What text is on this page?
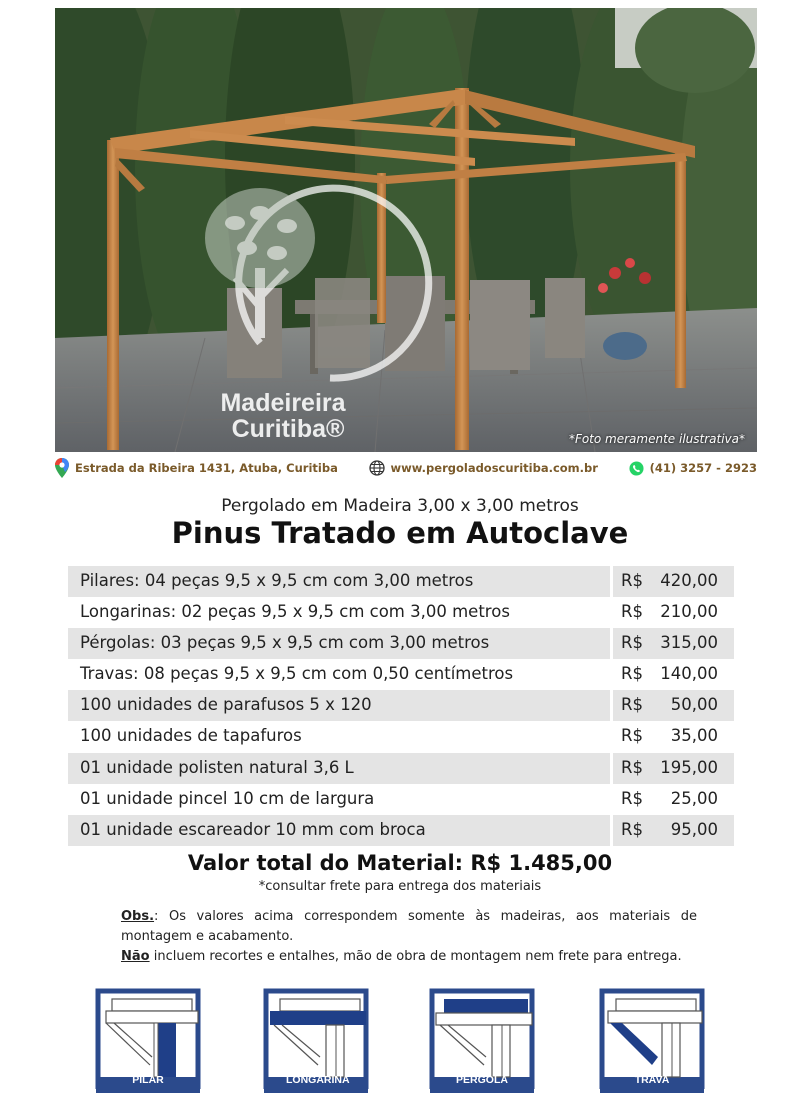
Madeireira
Curitiba®	*Foto meramente ilustrativa*
Estrada da Ribeira 1431, Atuba, Curitiba	www.pergoladoscuritiba.com.br	(41) 3257 - 2923
Pergolado em Madeira 3,00 x 3,00 metros
Pinus Tratado em Autoclave
Pilares: 04 peças 9,5 x 9,5 cm com 3,00 metros	R$	420,00
Longarinas: 02 peças 9,5 x 9,5 cm com 3,00 metros	R$	210,00
Pérgolas: 03 peças 9,5 x 9,5 cm com 3,00 metros	R$	315,00
Travas: 08 peças 9,5 x 9,5 cm com 0,50 centímetros	R$	140,00
100 unidades de parafusos 5 x 120	R$	50,00
100 unidades de tapafuros	R$	35,00
01 unidade polisten natural 3,6 L	R$	195,00
01 unidade pincel 10 cm de largura	R$	25,00
01 unidade escareador 10 mm com broca	R$	95,00
Valor total do Material: R$ 1.485,00
*consultar frete para entrega dos materiais

Obs.: Os valores acima correspondem somente às madeiras, aos materiais de montagem e acabamento.

Não incluem recortes e entalhes, mão de obra de montagem nem frete para entrega.

PILAR	LONGARINA	PERGOLA	TRAVA
